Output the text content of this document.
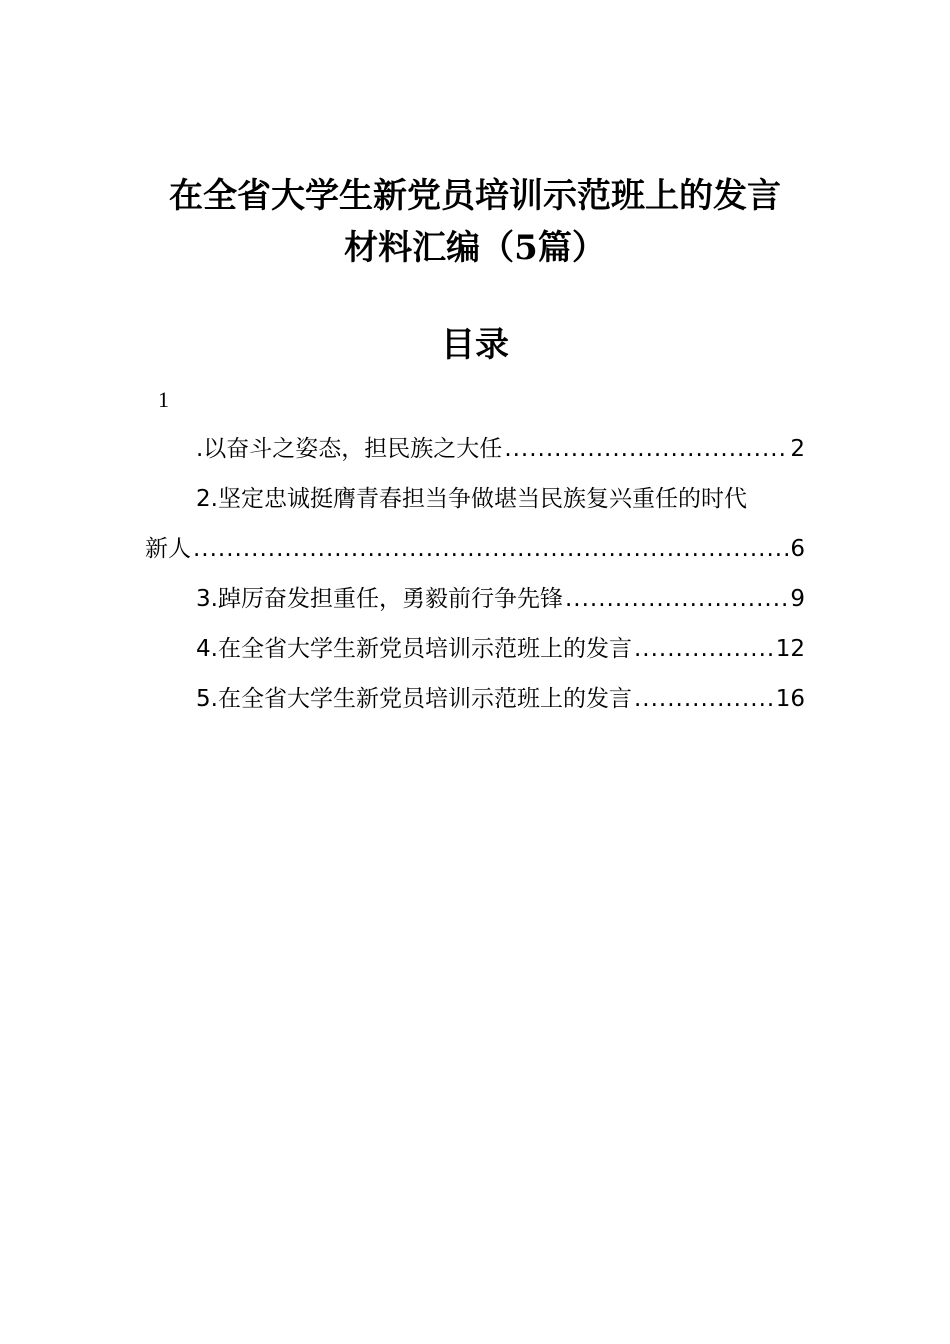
在全省大学生新党员培训示范班上的发言
材料汇编（5篇）
目录
1
.以奋斗之姿态，担民族之大任 .....	2
2.坚定忠诚挺膺青春担当争做堪当民族复兴重任的时代
新人 .....	6
3.踔厉奋发担重任，勇毅前行争先锋 .....	9
4.在全省大学生新党员培训示范班上的发言 .....	12
5.在全省大学生新党员培训示范班上的发言 .....	16
